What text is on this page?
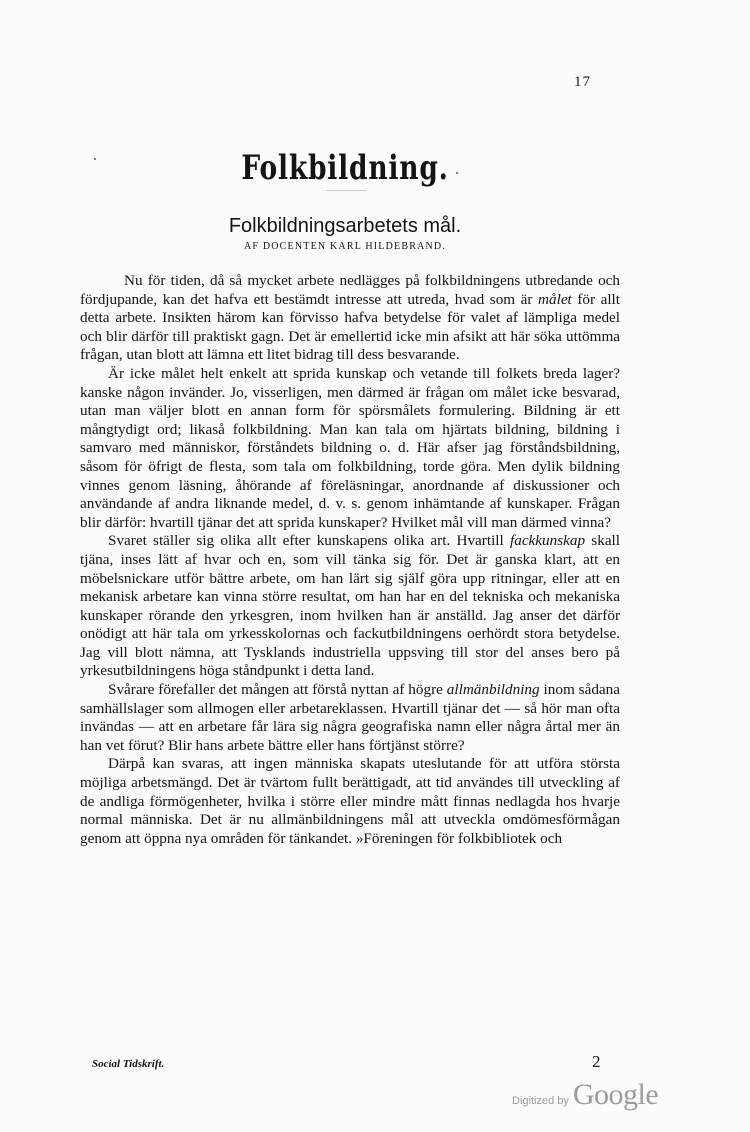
17
Folkbildning.
Folkbildningsarbetets mål.
AF DOCENTEN KARL HILDEBRAND.

Nu för tiden, då så mycket arbete nedlägges på folkbildningens utbredande och fördjupande, kan det hafva ett bestämdt intresse att utreda, hvad som är målet för allt detta arbete. Insikten härom kan förvisso hafva betydelse för valet af lämpliga medel och blir därför till praktiskt gagn. Det är emellertid icke min afsikt att här söka uttömma frågan, utan blott att lämna ett litet bidrag till dess besvarande.

Är icke målet helt enkelt att sprida kunskap och vetande till folkets breda lager? kanske någon invänder. Jo, visserligen, men därmed är frågan om målet icke besvarad, utan man väljer blott en annan form för spörsmålets formulering. Bildning är ett mångtydigt ord; likaså folkbildning. Man kan tala om hjärtats bildning, bildning i samvaro med människor, förståndets bildning o. d. Här afser jag förståndsbildning, såsom för öfrigt de flesta, som tala om folkbildning, torde göra. Men dylik bildning vinnes genom läsning, åhörande af föreläsningar, anordnande af diskussioner och användande af andra liknande medel, d. v. s. genom inhämtande af kunskaper. Frågan blir därför: hvartill tjänar det att sprida kunskaper? Hvilket mål vill man därmed vinna?

Svaret ställer sig olika allt efter kunskapens olika art. Hvartill fackkunskap skall tjäna, inses lätt af hvar och en, som vill tänka sig för. Det är ganska klart, att en möbelsnickare utför bättre arbete, om han lärt sig själf göra upp ritningar, eller att en mekanisk arbetare kan vinna större resultat, om han har en del tekniska och mekaniska kunskaper rörande den yrkesgren, inom hvilken han är anställd. Jag anser det därför onödigt att här tala om yrkesskolornas och fackutbildningens oerhördt stora betydelse. Jag vill blott nämna, att Tysklands industriella uppsving till stor del anses bero på yrkesutbildningens höga ståndpunkt i detta land.

Svårare förefaller det mången att förstå nyttan af högre allmänbildning inom sådana samhällslager som allmogen eller arbetareklassen. Hvartill tjänar det — så hör man ofta invändas — att en arbetare får lära sig några geografiska namn eller några årtal mer än han vet förut? Blir hans arbete bättre eller hans förtjänst större?

Därpå kan svaras, att ingen människa skapats uteslutande för att utföra största möjliga arbetsmängd. Det är tvärtom fullt berättigadt, att tid användes till utveckling af de andliga förmögenheter, hvilka i större eller mindre mått finnas nedlagda hos hvarje normal människa. Det är nu allmänbildningens mål att utveckla omdömesförmågan genom att öppna nya områden för tänkandet. »Föreningen för folkbibliotek och

Social Tidskrift.	2
Digitized by Google
